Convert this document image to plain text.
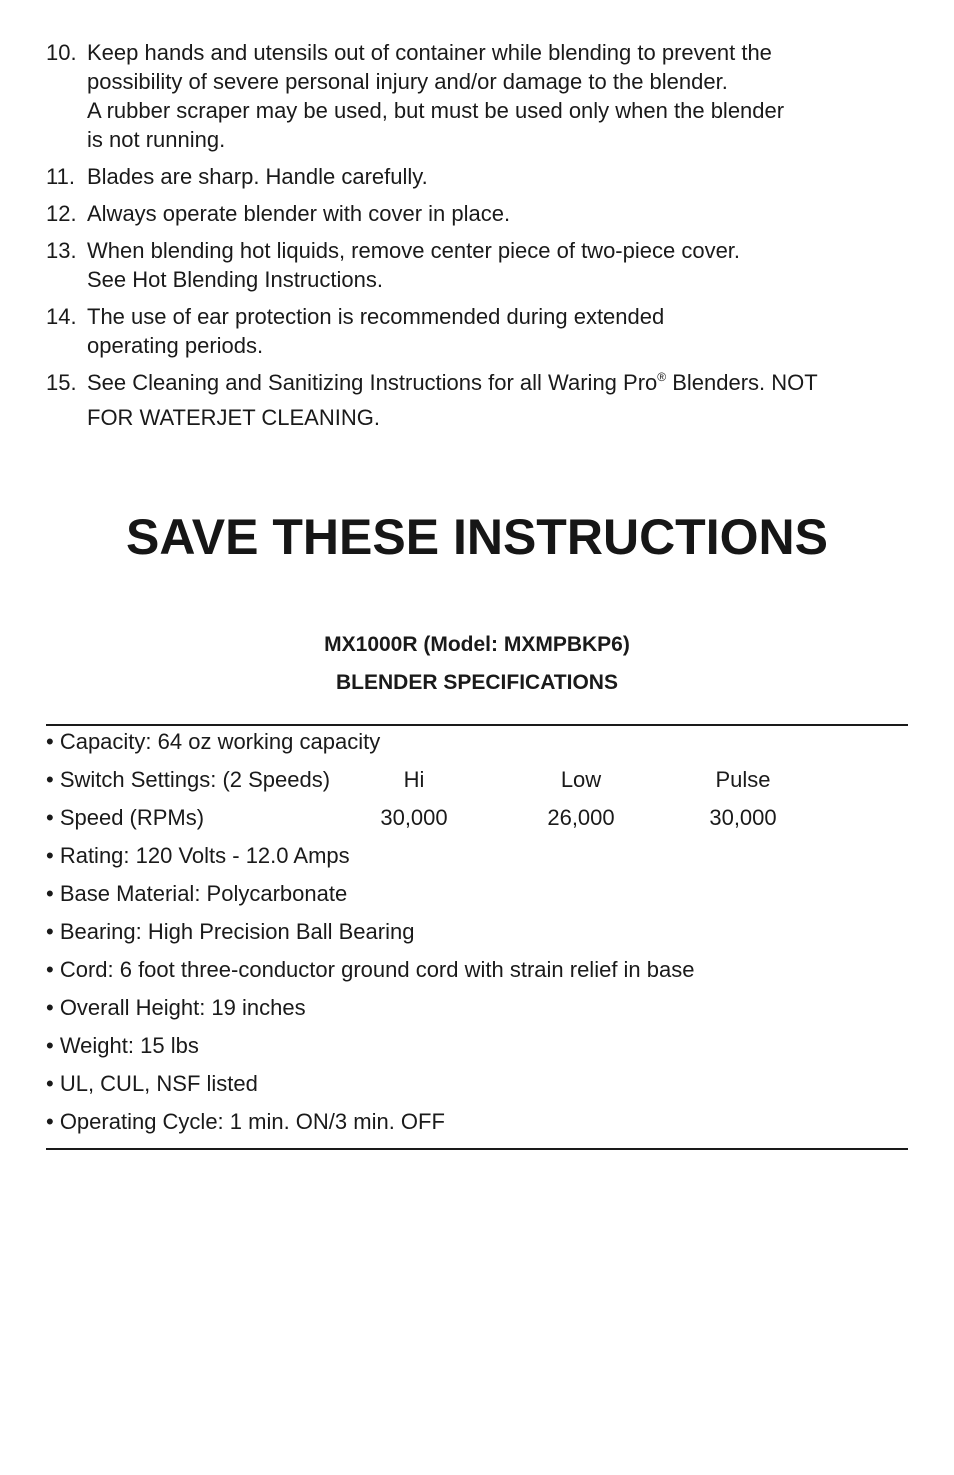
10. Keep hands and utensils out of container while blending to prevent the
possibility of severe personal injury and/or damage to the blender.
A rubber scraper may be used, but must be used only when the blender
is not running.
11. Blades are sharp. Handle carefully.
12. Always operate blender with cover in place.
13. When blending hot liquids, remove center piece of two-piece cover.
See Hot Blending Instructions.
14. The use of ear protection is recommended during extended
operating periods.
15. See Cleaning and Sanitizing Instructions for all Waring Pro® Blenders. NOT
FOR WATERJET CLEANING.
SAVE THESE INSTRUCTIONS
MX1000R (Model: MXMPBKP6)
BLENDER SPECIFICATIONS
• Capacity: 64 oz working capacity
• Switch Settings: (2 Speeds)	Hi	Low	Pulse
• Speed (RPMs)	30,000	26,000	30,000
• Rating: 120 Volts - 12.0 Amps
• Base Material: Polycarbonate
• Bearing: High Precision Ball Bearing
• Cord: 6 foot three-conductor ground cord with strain relief in base
• Overall Height: 19 inches
• Weight: 15 lbs
• UL, CUL, NSF listed
• Operating Cycle: 1 min. ON/3 min. OFF
